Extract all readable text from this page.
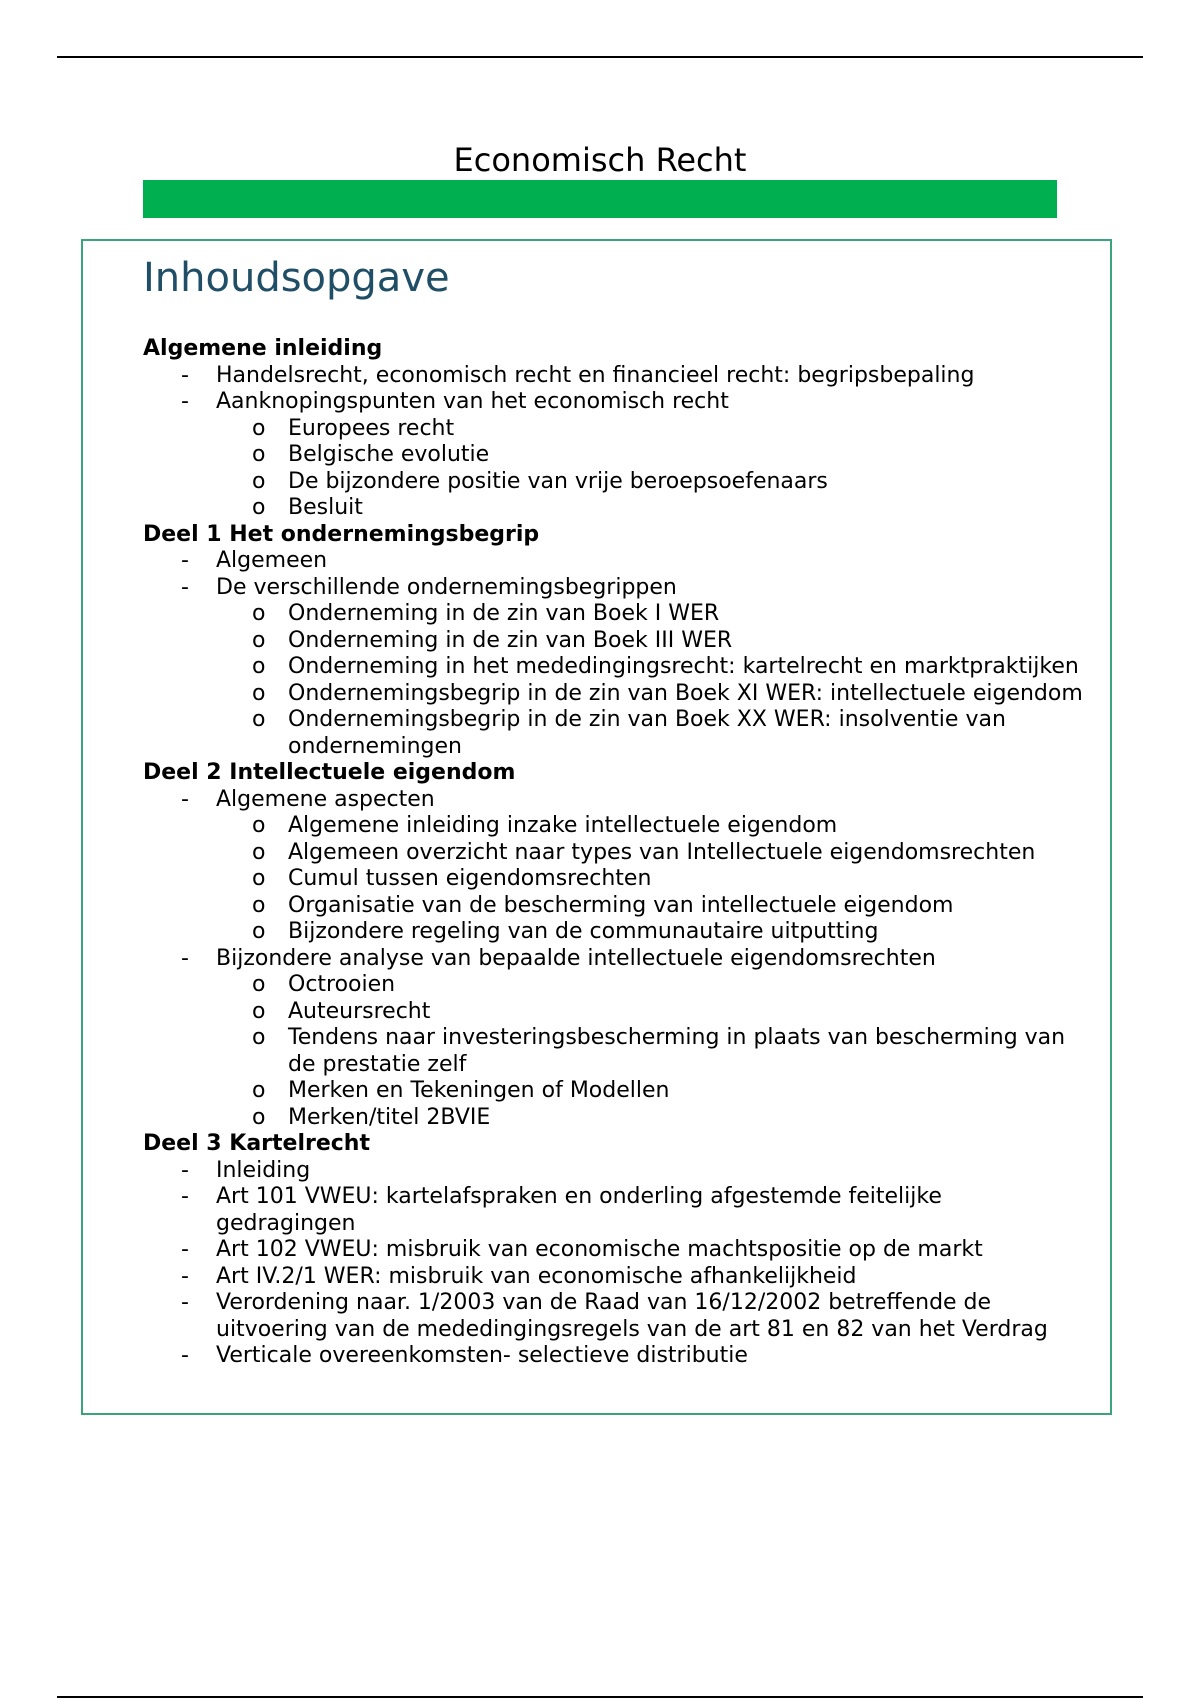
Economisch Recht
Inhoudsopgave
Algemene inleiding
- Handelsrecht, economisch recht en financieel recht: begripsbepaling
- Aanknopingspunten van het economisch recht
o Europees recht
o Belgische evolutie
o De bijzondere positie van vrije beroepsoefenaars
o Besluit
Deel 1 Het ondernemingsbegrip
- Algemeen
- De verschillende ondernemingsbegrippen
o Onderneming in de zin van Boek I WER
o Onderneming in de zin van Boek III WER
o Onderneming in het mededingingsrecht: kartelrecht en marktpraktijken
o Ondernemingsbegrip in de zin van Boek XI WER: intellectuele eigendom
o Ondernemingsbegrip in de zin van Boek XX WER: insolventie van ondernemingen
Deel 2 Intellectuele eigendom
- Algemene aspecten
o Algemene inleiding inzake intellectuele eigendom
o Algemeen overzicht naar types van Intellectuele eigendomsrechten
o Cumul tussen eigendomsrechten
o Organisatie van de bescherming van intellectuele eigendom
o Bijzondere regeling van de communautaire uitputting
- Bijzondere analyse van bepaalde intellectuele eigendomsrechten
o Octrooien
o Auteursrecht
o Tendens naar investeringsbescherming in plaats van bescherming van de prestatie zelf
o Merken en Tekeningen of Modellen
o Merken/titel 2BVIE
Deel 3 Kartelrecht
- Inleiding
- Art 101 VWEU: kartelafspraken en onderling afgestemde feitelijke gedragingen
- Art 102 VWEU: misbruik van economische machtspositie op de markt
- Art IV.2/1 WER: misbruik van economische afhankelijkheid
- Verordening naar. 1/2003 van de Raad van 16/12/2002 betreffende de uitvoering van de mededingingsregels van de art 81 en 82 van het Verdrag
- Verticale overeenkomsten- selectieve distributie
